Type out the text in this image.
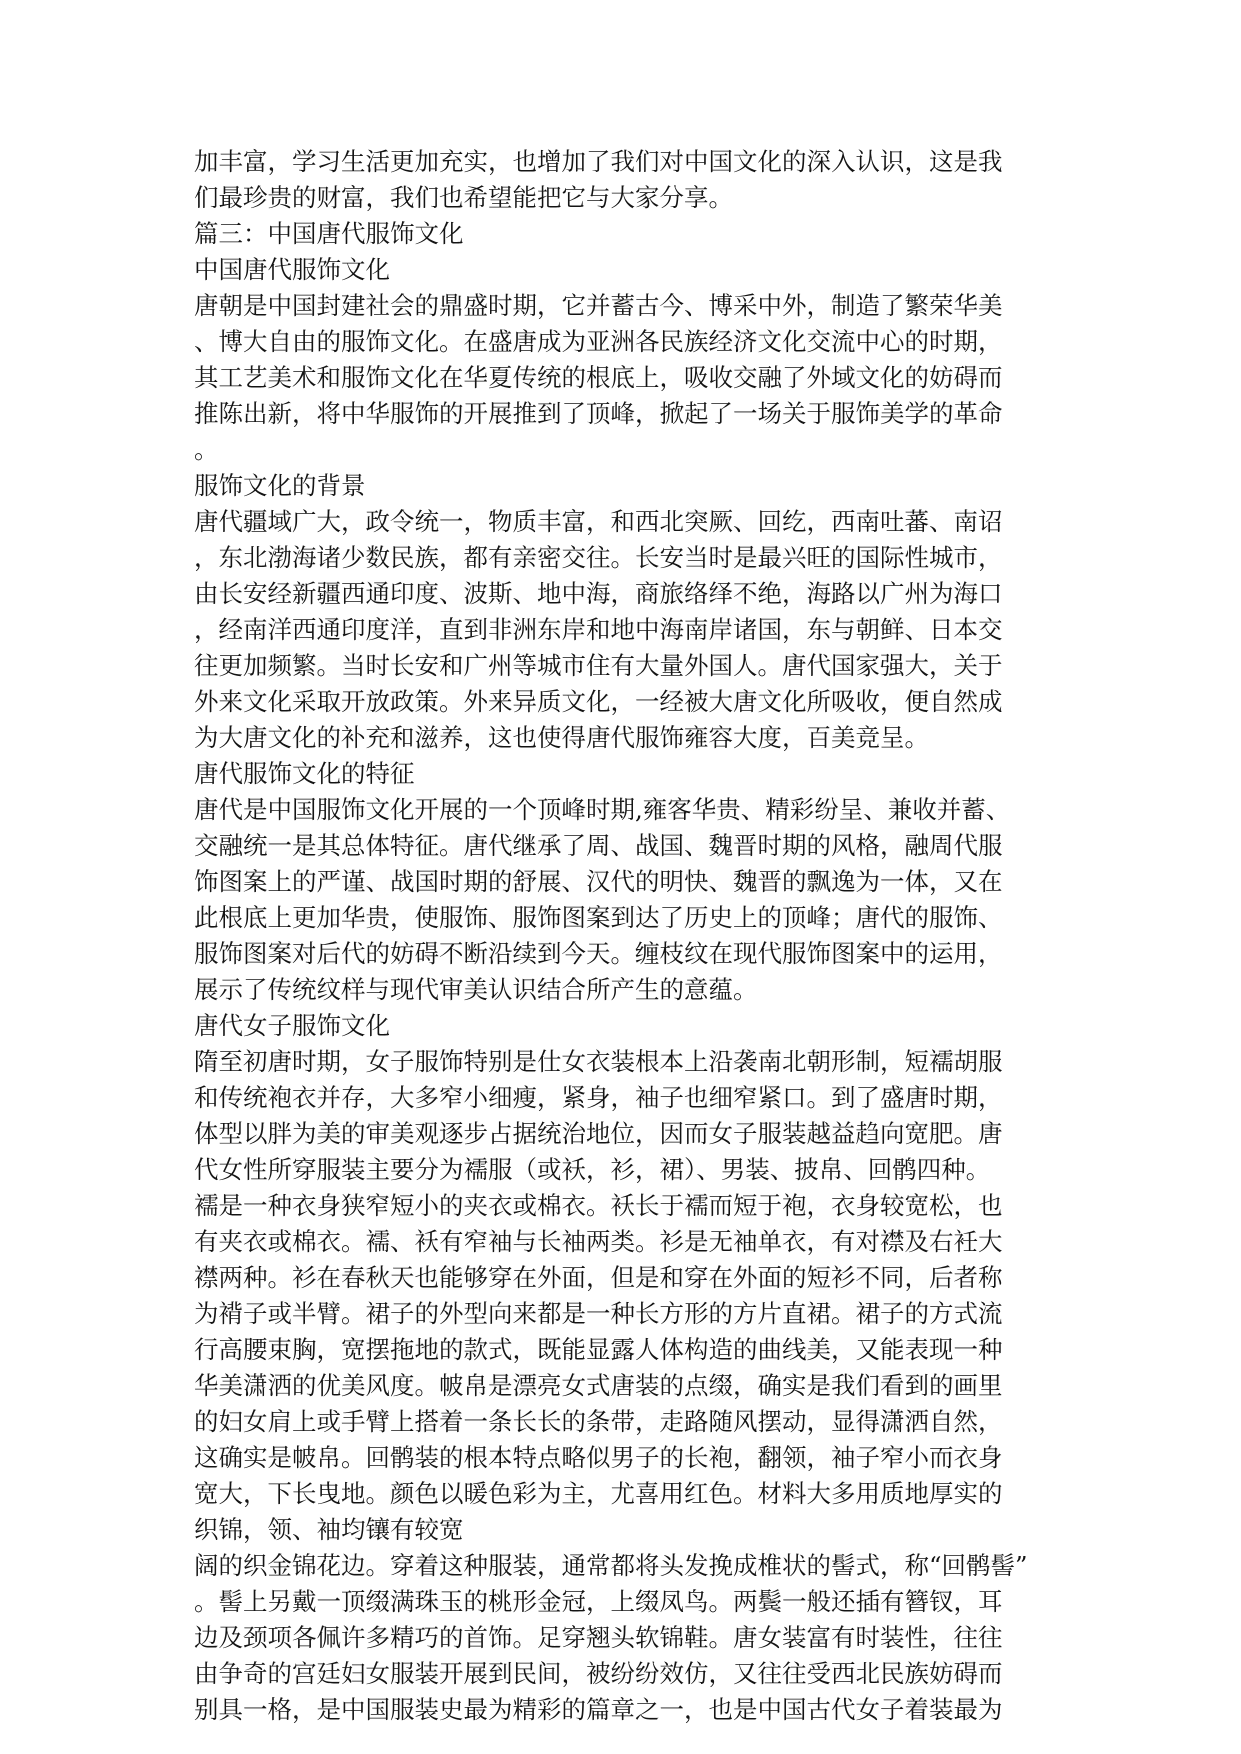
加丰富，学习生活更加充实，也增加了我们对中国文化的深入认识，这是我
们最珍贵的财富，我们也希望能把它与大家分享。
篇三：中国唐代服饰文化
中国唐代服饰文化
唐朝是中国封建社会的鼎盛时期，它并蓄古今、博采中外，制造了繁荣华美
、博大自由的服饰文化。在盛唐成为亚洲各民族经济文化交流中心的时期，
其工艺美术和服饰文化在华夏传统的根底上，吸收交融了外域文化的妨碍而
推陈出新，将中华服饰的开展推到了顶峰，掀起了一场关于服饰美学的革命
。
服饰文化的背景
唐代疆域广大，政令统一，物质丰富，和西北突厥、回纥，西南吐蕃、南诏
，东北渤海诸少数民族，都有亲密交往。长安当时是最兴旺的国际性城市，
由长安经新疆西通印度、波斯、地中海，商旅络绎不绝，海路以广州为海口
，经南洋西通印度洋，直到非洲东岸和地中海南岸诸国，东与朝鲜、日本交
往更加频繁。当时长安和广州等城市住有大量外国人。唐代国家强大，关于
外来文化采取开放政策。外来异质文化，一经被大唐文化所吸收，便自然成
为大唐文化的补充和滋养，这也使得唐代服饰雍容大度，百美竞呈。
唐代服饰文化的特征
唐代是中国服饰文化开展的一个顶峰时期,雍客华贵、精彩纷呈、兼收并蓄、
交融统一是其总体特征。唐代继承了周、战国、魏晋时期的风格，融周代服
饰图案上的严谨、战国时期的舒展、汉代的明快、魏晋的飘逸为一体，又在
此根底上更加华贵，使服饰、服饰图案到达了历史上的顶峰；唐代的服饰、
服饰图案对后代的妨碍不断沿续到今天。缠枝纹在现代服饰图案中的运用，
展示了传统纹样与现代审美认识结合所产生的意蕴。
唐代女子服饰文化
隋至初唐时期，女子服饰特别是仕女衣装根本上沿袭南北朝形制，短襦胡服
和传统袍衣并存，大多窄小细瘦，紧身，袖子也细窄紧口。到了盛唐时期，
体型以胖为美的审美观逐步占据统治地位，因而女子服装越益趋向宽肥。唐
代女性所穿服装主要分为襦服（或袄，衫，裙）、男装、披帛、回鹘四种。
襦是一种衣身狭窄短小的夹衣或棉衣。袄长于襦而短于袍，衣身较宽松，也
有夹衣或棉衣。襦、袄有窄袖与长袖两类。衫是无袖单衣，有对襟及右衽大
襟两种。衫在春秋天也能够穿在外面，但是和穿在外面的短衫不同，后者称
为褙子或半臂。裙子的外型向来都是一种长方形的方片直裙。裙子的方式流
行高腰束胸，宽摆拖地的款式，既能显露人体构造的曲线美，又能表现一种
华美潇洒的优美风度。帔帛是漂亮女式唐装的点缀，确实是我们看到的画里
的妇女肩上或手臂上搭着一条长长的条带，走路随风摆动，显得潇洒自然，
这确实是帔帛。回鹘装的根本特点略似男子的长袍，翻领，袖子窄小而衣身
宽大，下长曳地。颜色以暖色彩为主，尤喜用红色。材料大多用质地厚实的
织锦，领、袖均镶有较宽
阔的织金锦花边。穿着这种服装，通常都将头发挽成椎状的髻式，称“回鹘髻”
。髻上另戴一顶缀满珠玉的桃形金冠，上缀凤鸟。两鬓一般还插有簪钗，耳
边及颈项各佩许多精巧的首饰。足穿翘头软锦鞋。唐女装富有时装性，往往
由争奇的宫廷妇女服装开展到民间，被纷纷效仿，又往往受西北民族妨碍而
别具一格，是中国服装史最为精彩的篇章之一，也是中国古代女子着装最为
